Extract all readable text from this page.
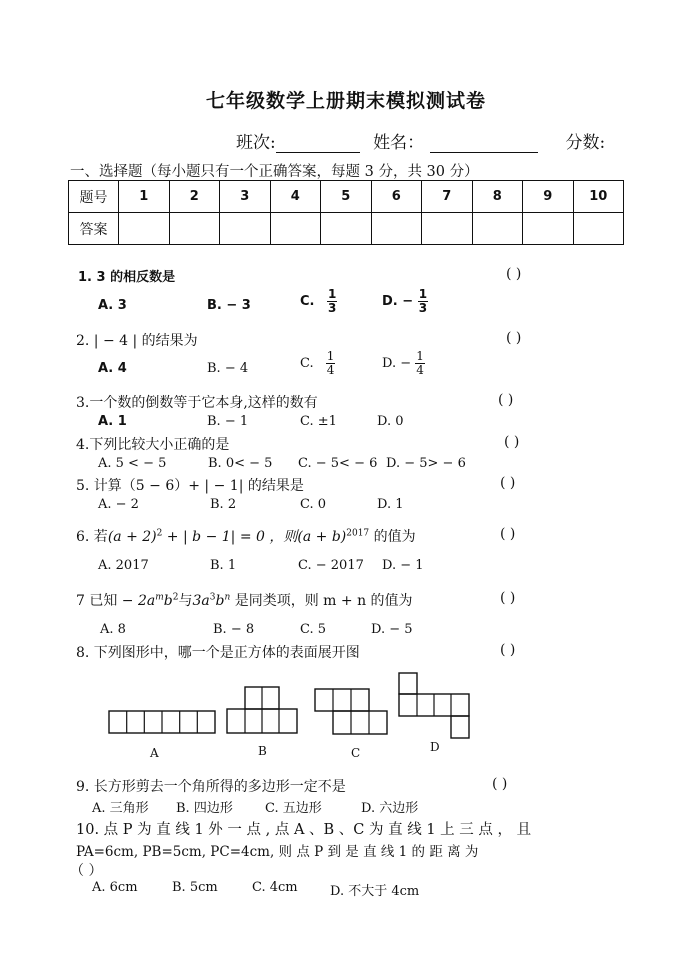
七年级数学上册期末模拟测试卷
班次:	姓名：	分数:
一、选择题（每小题只有一个正确答案，每题 3 分，共 30 分）
题号	1	2	3	4	5	6	7	8	9	10
答案										
1. 3 的相反数是	( )
A. 3	B. − 3	C. $\frac{1}{3}$	D. − $\frac{1}{3}$
2. | − 4 | 的结果为	( )
A. 4	B. − 4	C. $\frac{1}{4}$	D. − $\frac{1}{4}$
3.一个数的倒数等于它本身,这样的数有	( )
A. 1	B. − 1	C. ±1	D. 0
4.下列比较大小正确的是	( )
A. 5 < − 5	B. 0< − 5 C. − 5< − 6 D. − 5> − 6
5. 计算（5 − 6）+ | − 1| 的结果是	( )
A. − 2	B. 2	C. 0	D. 1
6. 若$(a + 2)^2$ + | b − 1| = 0 ，则$(a + b)^{2017}$ 的值为	( )
A. 2017	B. 1	C. − 2017 D. − 1
7 已知 − $2a^mb^2$与$3a^3b^n$ 是同类项，则 m + n 的值为	( )
A. 8	B. − 8	C. 5	D. − 5
8. 下列图形中，哪一个是正方体的表面展开图	( )
A	B	C	D
9. 长方形剪去一个角所得的多边形一定不是	( )
A. 三角形 B. 四边形 C. 五边形	D. 六边形
10. 点 P 为 直 线 1 外 一 点 , 点 A 、B 、C 为 直 线 1 上 三 点 ， 且
PA=6cm, PB=5cm, PC=4cm, 则 点 P 到 是 直 线 1 的 距 离 为
（ ）
A. 6cm	B. 5cm	C. 4cm D. 不大于 4cm
